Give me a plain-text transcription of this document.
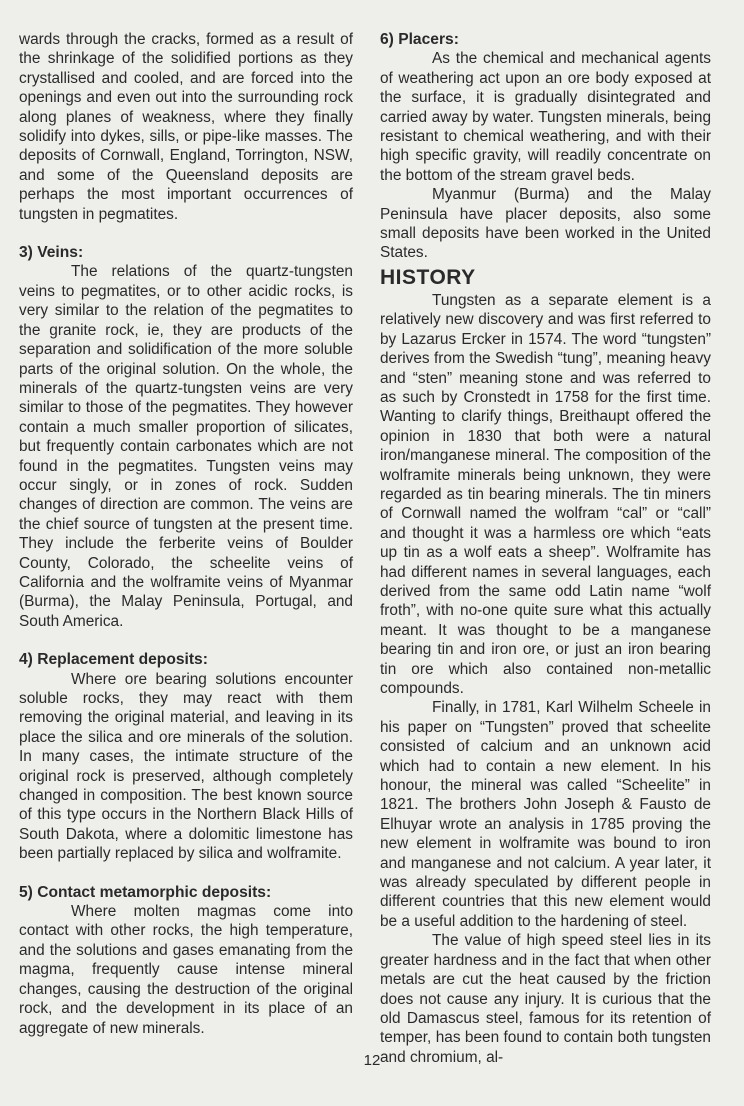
wards through the cracks, formed as a result of the shrinkage of the solidified portions as they crystallised and cooled, and are forced into the openings and even out into the surrounding rock along planes of weakness, where they finally solidify into dykes, sills, or pipe-like masses. The deposits of Cornwall, England, Torrington, NSW, and some of the Queensland deposits are perhaps the most important occurrences of tungsten in pegmatites.

3) Veins:

The relations of the quartz-tungsten veins to pegmatites, or to other acidic rocks, is very similar to the relation of the pegmatites to the granite rock, ie, they are products of the separation and solidification of the more soluble parts of the original solution. On the whole, the minerals of the quartz-tungsten veins are very similar to those of the pegmatites. They however contain a much smaller proportion of silicates, but frequently contain carbonates which are not found in the pegmatites. Tungsten veins may occur singly, or in zones of rock. Sudden changes of direction are common. The veins are the chief source of tungsten at the present time. They include the ferberite veins of Boulder County, Colorado, the scheelite veins of California and the wolframite veins of Myanmar (Burma), the Malay Peninsula, Portugal, and South America.

4) Replacement deposits:

Where ore bearing solutions encounter soluble rocks, they may react with them removing the original material, and leaving in its place the silica and ore minerals of the solution. In many cases, the intimate structure of the original rock is preserved, although completely changed in composition. The best known source of this type occurs in the Northern Black Hills of South Dakota, where a dolomitic limestone has been partially replaced by silica and wolframite.

5) Contact metamorphic deposits:

Where molten magmas come into contact with other rocks, the high temperature, and the solutions and gases emanating from the magma, frequently cause intense mineral changes, causing the destruction of the original rock, and the development in its place of an aggregate of new minerals.

6) Placers:

As the chemical and mechanical agents of weathering act upon an ore body exposed at the surface, it is gradually disintegrated and carried away by water. Tungsten minerals, being resistant to chemical weathering, and with their high specific gravity, will readily concentrate on the bottom of the stream gravel beds.

Myanmur (Burma) and the Malay Peninsula have placer deposits, also some small deposits have been worked in the United States.

HISTORY

Tungsten as a separate element is a relatively new discovery and was first referred to by Lazarus Ercker in 1574. The word “tungsten” derives from the Swedish “tung”, meaning heavy and “sten” meaning stone and was referred to as such by Cronstedt in 1758 for the first time. Wanting to clarify things, Breithaupt offered the opinion in 1830 that both were a natural iron/manganese mineral. The composition of the wolframite minerals being unknown, they were regarded as tin bearing minerals. The tin miners of Cornwall named the wolfram “cal” or “call” and thought it was a harmless ore which “eats up tin as a wolf eats a sheep”. Wolframite has had different names in several languages, each derived from the same odd Latin name “wolf froth”, with no-one quite sure what this actually meant. It was thought to be a manganese bearing tin and iron ore, or just an iron bearing tin ore which also contained non-metallic compounds.

Finally, in 1781, Karl Wilhelm Scheele in his paper on “Tungsten” proved that scheelite consisted of calcium and an unknown acid which had to contain a new element. In his honour, the mineral was called “Scheelite” in 1821. The brothers John Joseph & Fausto de Elhuyar wrote an analysis in 1785 proving the new element in wolframite was bound to iron and manganese and not calcium. A year later, it was already speculated by different people in different countries that this new element would be a useful addition to the hardening of steel.

The value of high speed steel lies in its greater hardness and in the fact that when other metals are cut the heat caused by the friction does not cause any injury. It is curious that the old Damascus steel, famous for its retention of temper, has been found to contain both tungsten and chromium, al-

12
